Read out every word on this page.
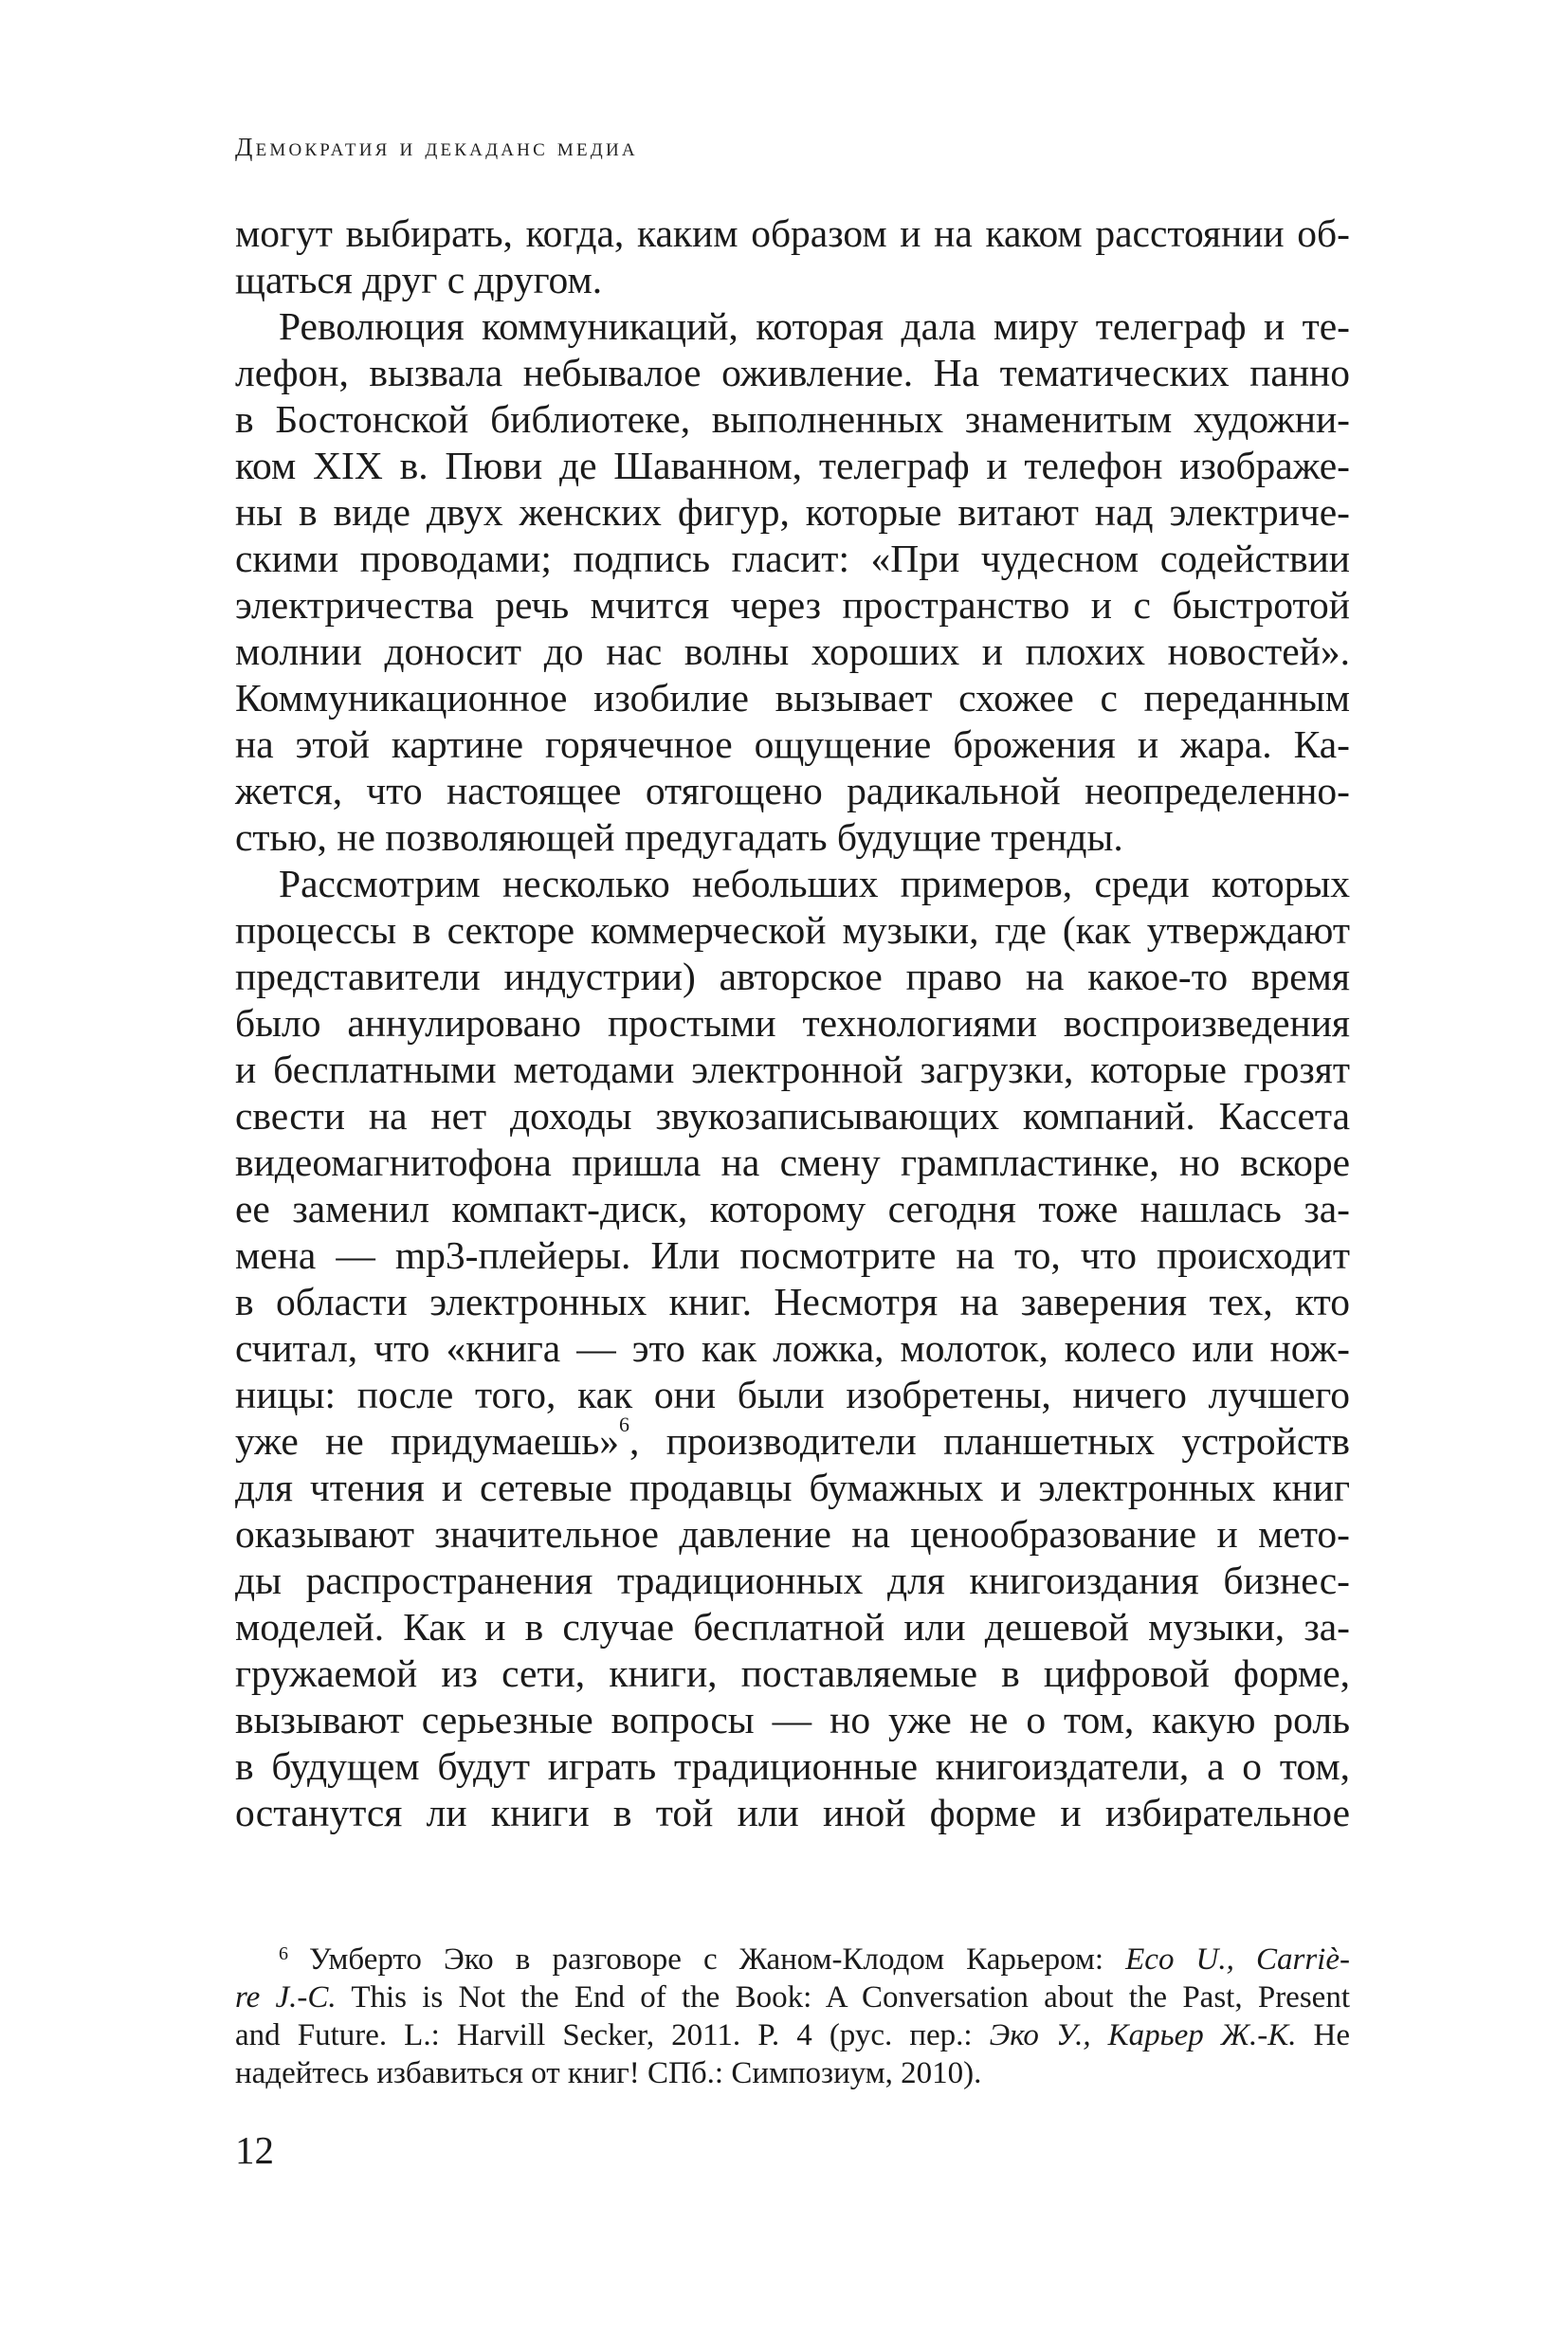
Демократия и декаданс медиа
могут выбирать, когда, каким образом и на каком расстоянии об-
щаться друг с другом.
Революция коммуникаций, которая дала миру телеграф и те-
лефон, вызвала небывалое оживление. На тематических панно
в Бостонской библиотеке, выполненных знаменитым художни-
ком XIX в. Пюви де Шаванном, телеграф и телефон изображе-
ны в виде двух женских фигур, которые витают над электриче-
скими проводами; подпись гласит: «При чудесном содействии
электричества речь мчится через пространство и с быстротой
молнии доносит до нас волны хороших и плохих новостей».
Коммуникационное изобилие вызывает схожее с переданным
на этой картине горячечное ощущение брожения и жара. Ка-
жется, что настоящее отягощено радикальной неопределенно-
стью, не позволяющей предугадать будущие тренды.
Рассмотрим несколько небольших примеров, среди которых
процессы в секторе коммерческой музыки, где (как утверждают
представители индустрии) авторское право на какое-то время
было аннулировано простыми технологиями воспроизведения
и бесплатными методами электронной загрузки, которые грозят
свести на нет доходы звукозаписывающих компаний. Кассета
видеомагнитофона пришла на смену грампластинке, но вскоре
ее заменил компакт-диск, которому сегодня тоже нашлась за-
мена — mp3-плейеры. Или посмотрите на то, что происходит
в области электронных книг. Несмотря на заверения тех, кто
считал, что «книга — это как ложка, молоток, колесо или нож-
ницы: после того, как они были изобретены, ничего лучшего
уже не придумаешь»$^6$, производители планшетных устройств
для чтения и сетевые продавцы бумажных и электронных книг
оказывают значительное давление на ценообразование и мето-
ды распространения традиционных для книгоиздания бизнес-
моделей. Как и в случае бесплатной или дешевой музыки, за-
гружаемой из сети, книги, поставляемые в цифровой форме,
вызывают серьезные вопросы — но уже не о том, какую роль
в будущем будут играть традиционные книгоиздатели, а о том,
останутся ли книги в той или иной форме и избирательное
6 Умберто Эко в разговоре с Жаном-Клодом Карьером: Eco U., Carriè-
re J.-C. This is Not the End of the Book: A Conversation about the Past, Present
and Future. L.: Harvill Secker, 2011. P. 4 (рус. пер.: Эко У., Карьер Ж.-К. Не
надейтесь избавиться от книг! СПб.: Симпозиум, 2010).
12
